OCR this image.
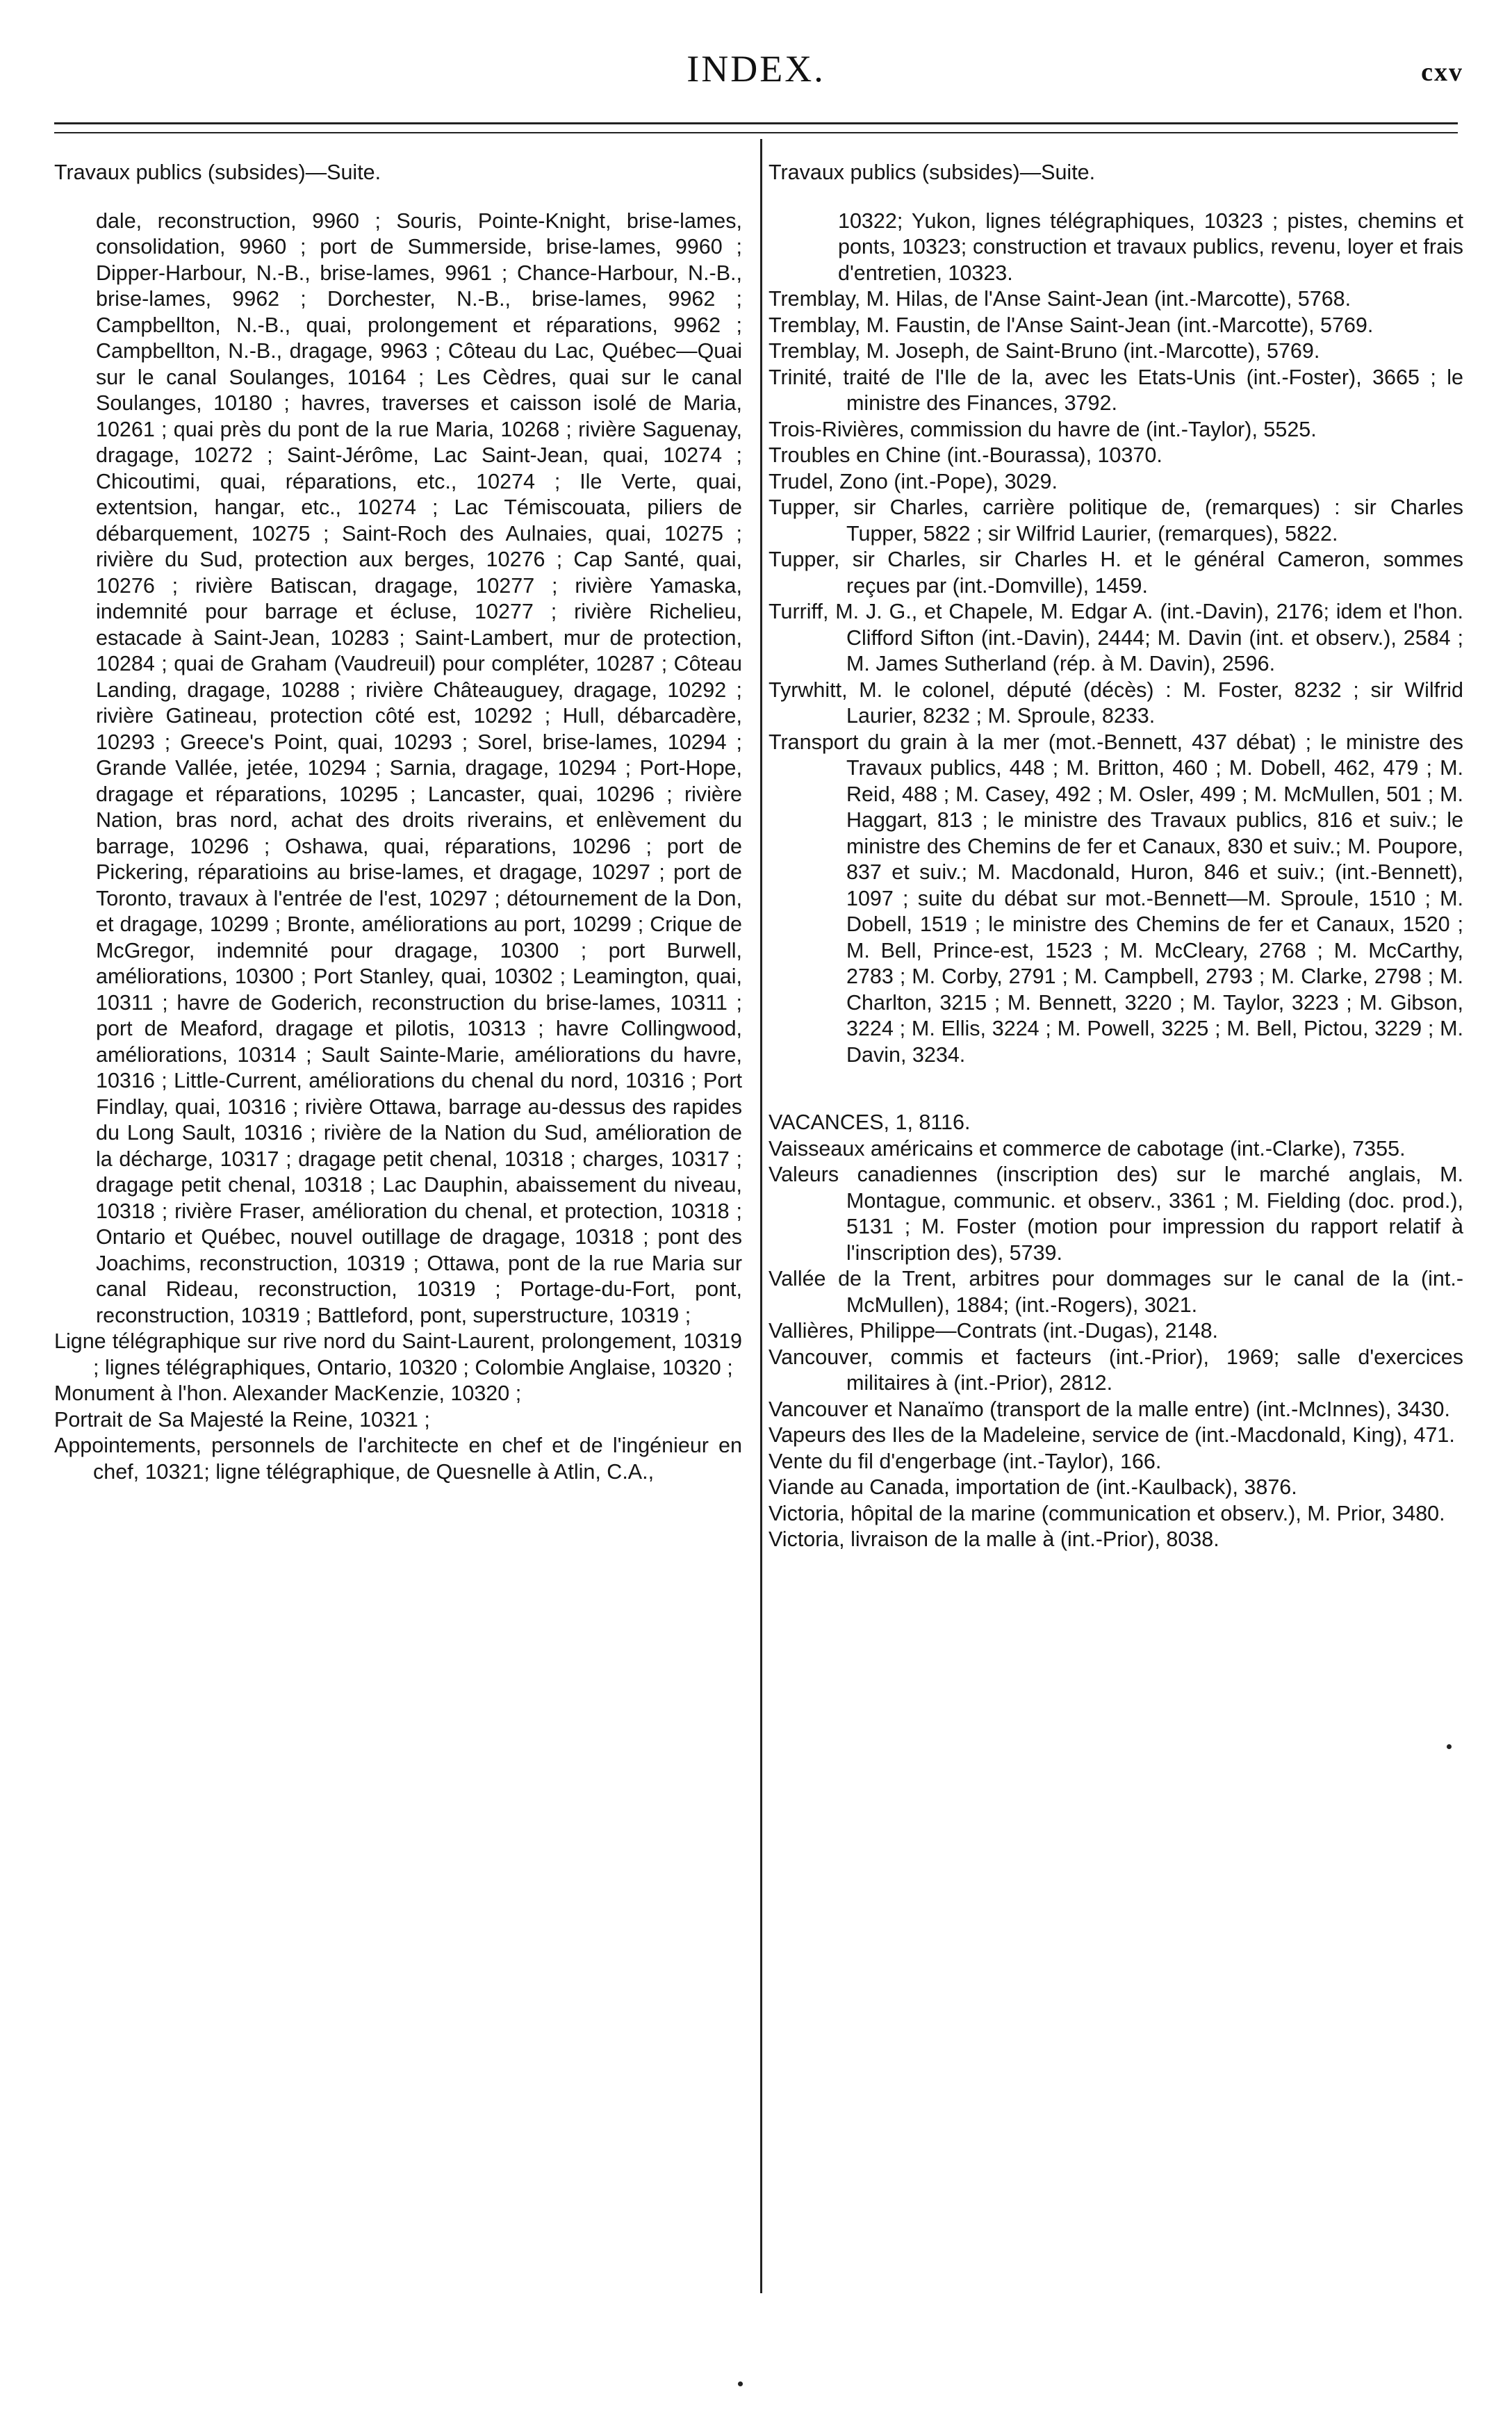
INDEX.	cxv
Travaux publics (subsides)—Suite.
dale, reconstruction, 9960 ; Souris, Pointe-Knight, brise-lames, consolidation, 9960 ; port de Summerside, brise-lames, 9960 ; Dipper-Harbour, N.-B., brise-lames, 9961 ; Chance-Harbour, N.-B., brise-lames, 9962 ; Dorchester, N.-B., brise-lames, 9962 ; Campbellton, N.-B., quai, prolongement et réparations, 9962 ; Campbellton, N.-B., dragage, 9963 ; Côteau du Lac, Québec—Quai sur le canal Soulanges, 10164 ; Les Cèdres, quai sur le canal Soulanges, 10180 ; havres, traverses et caisson isolé de Maria, 10261 ; quai près du pont de la rue Maria, 10268 ; rivière Saguenay, dragage, 10272 ; Saint-Jérôme, Lac Saint-Jean, quai, 10274 ; Chicoutimi, quai, réparations, etc., 10274 ; Ile Verte, quai, extentsion, hangar, etc., 10274 ; Lac Témiscouata, piliers de débarquement, 10275 ; Saint-Roch des Aulnaies, quai, 10275 ; rivière du Sud, protection aux berges, 10276 ; Cap Santé, quai, 10276 ; rivière Batiscan, dragage, 10277 ; rivière Yamaska, indemnité pour barrage et écluse, 10277 ; rivière Richelieu, estacade à Saint-Jean, 10283 ; Saint-Lambert, mur de protection, 10284 ; quai de Graham (Vaudreuil) pour compléter, 10287 ; Côteau Landing, dragage, 10288 ; rivière Châteauguey, dragage, 10292 ; rivière Gatineau, protection côté est, 10292 ; Hull, débarcadère, 10293 ; Greece's Point, quai, 10293 ; Sorel, brise-lames, 10294 ; Grande Vallée, jetée, 10294 ; Sarnia, dragage, 10294 ; Port-Hope, dragage et réparations, 10295 ; Lancaster, quai, 10296 ; rivière Nation, bras nord, achat des droits riverains, et enlèvement du barrage, 10296 ; Oshawa, quai, réparations, 10296 ; port de Pickering, réparatioins au brise-lames, et dragage, 10297 ; port de Toronto, travaux à l'entrée de l'est, 10297 ; détournement de la Don, et dragage, 10299 ; Bronte, améliorations au port, 10299 ; Crique de McGregor, indemnité pour dragage, 10300 ; port Burwell, améliorations, 10300 ; Port Stanley, quai, 10302 ; Leamington, quai, 10311 ; havre de Goderich, reconstruction du brise-lames, 10311 ; port de Meaford, dragage et pilotis, 10313 ; havre Collingwood, améliorations, 10314 ; Sault Sainte-Marie, améliorations du havre, 10316 ; Little-Current, améliorations du chenal du nord, 10316 ; Port Findlay, quai, 10316 ; rivière Ottawa, barrage au-dessus des rapides du Long Sault, 10316 ; rivière de la Nation du Sud, amélioration de la décharge, 10317 ; dragage petit chenal, 10318 ; charges, 10317 ; dragage petit chenal, 10318 ; Lac Dauphin, abaissement du niveau, 10318 ; rivière Fraser, amélioration du chenal, et protection, 10318 ; Ontario et Québec, nouvel outillage de dragage, 10318 ; pont des Joachims, reconstruction, 10319 ; Ottawa, pont de la rue Maria sur canal Rideau, reconstruction, 10319 ; Portage-du-Fort, pont, reconstruction, 10319 ; Battleford, pont, superstructure, 10319 ;
Ligne télégraphique sur rive nord du Saint-Laurent, prolongement, 10319 ; lignes télégraphiques, Ontario, 10320 ; Colombie Anglaise, 10320 ;
Monument à l'hon. Alexander MacKenzie, 10320 ;
Portrait de Sa Majesté la Reine, 10321 ;
Appointements, personnels de l'architecte en chef et de l'ingénieur en chef, 10321; ligne télégraphique, de Quesnelle à Atlin, C.A.,
Travaux publics (subsides)—Suite.
10322; Yukon, lignes télégraphiques, 10323 ; pistes, chemins et ponts, 10323; construction et travaux publics, revenu, loyer et frais d'entretien, 10323.
Tremblay, M. Hilas, de l'Anse Saint-Jean (int.-Marcotte), 5768.
Tremblay, M. Faustin, de l'Anse Saint-Jean (int.-Marcotte), 5769.
Tremblay, M. Joseph, de Saint-Bruno (int.-Marcotte), 5769.
Trinité, traité de l'Ile de la, avec les Etats-Unis (int.-Foster), 3665 ; le ministre des Finances, 3792.
Trois-Rivières, commission du havre de (int.-Taylor), 5525.
Troubles en Chine (int.-Bourassa), 10370.
Trudel, Zono (int.-Pope), 3029.
Tupper, sir Charles, carrière politique de, (remarques) : sir Charles Tupper, 5822 ; sir Wilfrid Laurier, (remarques), 5822.
Tupper, sir Charles, sir Charles H. et le général Cameron, sommes reçues par (int.-Domville), 1459.
Turriff, M. J. G., et Chapele, M. Edgar A. (int.-Davin), 2176; idem et l'hon. Clifford Sifton (int.-Davin), 2444; M. Davin (int. et observ.), 2584 ; M. James Sutherland (rép. à M. Davin), 2596.
Tyrwhitt, M. le colonel, député (décès) : M. Foster, 8232 ; sir Wilfrid Laurier, 8232 ; M. Sproule, 8233.
Transport du grain à la mer (mot.-Bennett, 437 débat) ; le ministre des Travaux publics, 448 ; M. Britton, 460 ; M. Dobell, 462, 479 ; M. Reid, 488 ; M. Casey, 492 ; M. Osler, 499 ; M. McMullen, 501 ; M. Haggart, 813 ; le ministre des Travaux publics, 816 et suiv.; le ministre des Chemins de fer et Canaux, 830 et suiv.; M. Poupore, 837 et suiv.; M. Macdonald, Huron, 846 et suiv.; (int.-Bennett), 1097 ; suite du débat sur mot.-Bennett—M. Sproule, 1510 ; M. Dobell, 1519 ; le ministre des Chemins de fer et Canaux, 1520 ; M. Bell, Prince-est, 1523 ; M. McCleary, 2768 ; M. McCarthy, 2783 ; M. Corby, 2791 ; M. Campbell, 2793 ; M. Clarke, 2798 ; M. Charlton, 3215 ; M. Bennett, 3220 ; M. Taylor, 3223 ; M. Gibson, 3224 ; M. Ellis, 3224 ; M. Powell, 3225 ; M. Bell, Pictou, 3229 ; M. Davin, 3234.
VACANCES, 1, 8116.
Vaisseaux américains et commerce de cabotage (int.-Clarke), 7355.
Valeurs canadiennes (inscription des) sur le marché anglais, M. Montague, communic. et observ., 3361 ; M. Fielding (doc. prod.), 5131 ; M. Foster (motion pour impression du rapport relatif à l'inscription des), 5739.
Vallée de la Trent, arbitres pour dommages sur le canal de la (int.-McMullen), 1884; (int.-Rogers), 3021.
Vallières, Philippe—Contrats (int.-Dugas), 2148.
Vancouver, commis et facteurs (int.-Prior), 1969; salle d'exercices militaires à (int.-Prior), 2812.
Vancouver et Nanaïmo (transport de la malle entre) (int.-McInnes), 3430.
Vapeurs des Iles de la Madeleine, service de (int.-Macdonald, King), 471.
Vente du fil d'engerbage (int.-Taylor), 166.
Viande au Canada, importation de (int.-Kaulback), 3876.
Victoria, hôpital de la marine (communication et observ.), M. Prior, 3480.
Victoria, livraison de la malle à (int.-Prior), 8038.
